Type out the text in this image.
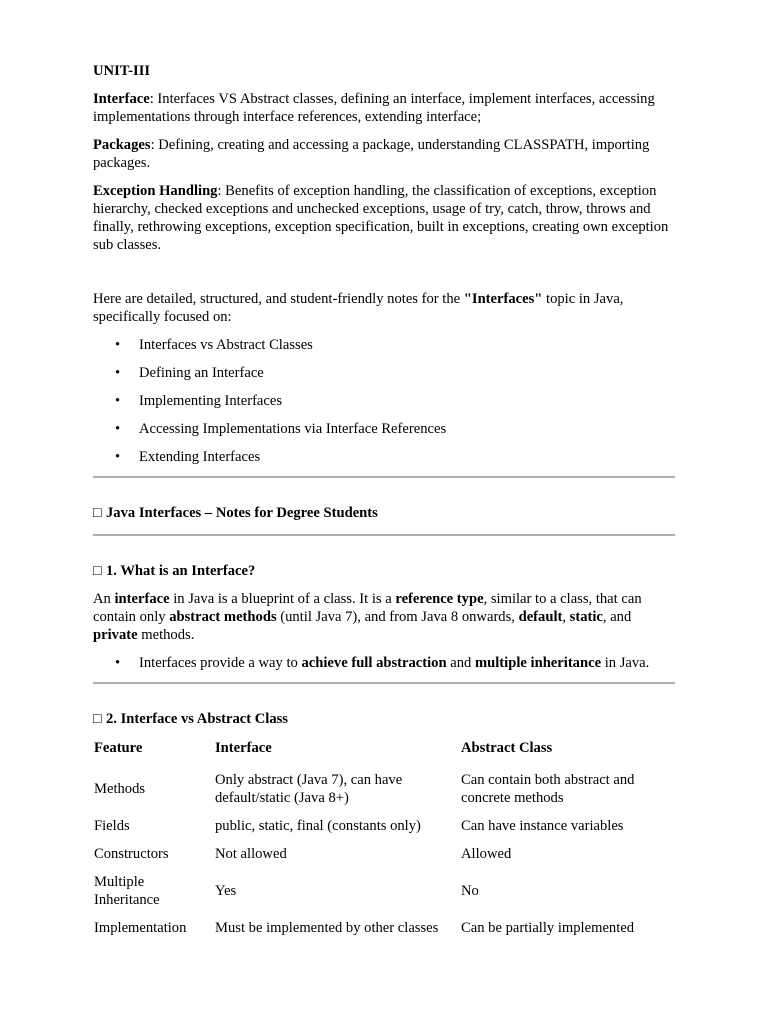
UNIT-III

Interface: Interfaces VS Abstract classes, defining an interface, implement interfaces, accessing implementations through interface references, extending interface;

Packages: Defining, creating and accessing a package, understanding CLASSPATH, importing packages.

Exception Handling: Benefits of exception handling, the classification of exceptions, exception hierarchy, checked exceptions and unchecked exceptions, usage of try, catch, throw, throws and finally, rethrowing exceptions, exception specification, built in exceptions, creating own exception sub classes.

Here are detailed, structured, and student-friendly notes for the "Interfaces" topic in Java, specifically focused on:

• Interfaces vs Abstract Classes
• Defining an Interface
• Implementing Interfaces
• Accessing Implementations via Interface References
• Extending Interfaces

□ Java Interfaces – Notes for Degree Students

□ 1. What is an Interface?

An interface in Java is a blueprint of a class. It is a reference type, similar to a class, that can contain only abstract methods (until Java 7), and from Java 8 onwards, default, static, and private methods.

• Interfaces provide a way to achieve full abstraction and multiple inheritance in Java.

□ 2. Interface vs Abstract Class

Feature	Interface	Abstract Class
Methods	Only abstract (Java 7), can have default/static (Java 8+)	Can contain both abstract and concrete methods
Fields	public, static, final (constants only)	Can have instance variables
Constructors	Not allowed	Allowed
Multiple Inheritance	Yes	No
Implementation	Must be implemented by other classes	Can be partially implemented
